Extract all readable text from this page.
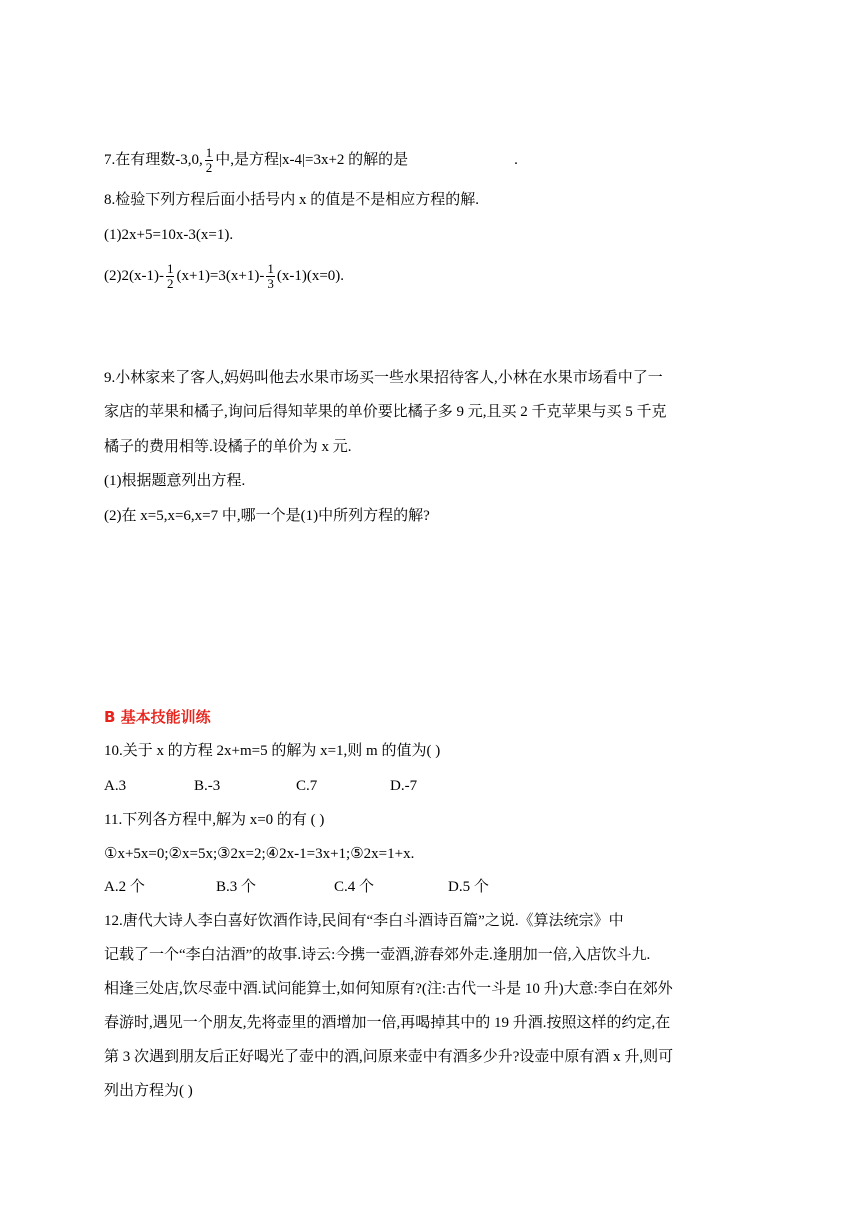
7.在有理数-3,0, $\frac{1}{2}$ 中,是方程|x-4|=3x+2 的解的是	.
8.检验下列方程后面小括号内 x 的值是不是相应方程的解.
(1)2x+5=10x-3(x=1).
$(2)2(x-1)- \frac{1}{2} (x+1)=3(x+1)- \frac{1}{3} (x-1)(x=0)$.
9.小林家来了客人,妈妈叫他去水果市场买一些水果招待客人,小林在水果市场看中了一
家店的苹果和橘子,询问后得知苹果的单价要比橘子多 9 元,且买 2 千克苹果与买 5 千克
橘子的费用相等.设橘子的单价为 x 元.
(1)根据题意列出方程.
(2)在 x=5,x=6,x=7 中,哪一个是(1)中所列方程的解?
B 基本技能训练
10.关于 x 的方程 2x+m=5 的解为 x=1,则 m 的值为( )
A.3	B.-3	C.7	D.-7
11.下列各方程中,解为 x=0 的有 ( )
①x+5x=0;②x=5x;③2x=2;④2x-1=3x+1;⑤2x=1+x.
A.2 个	B.3 个	C.4 个	D.5 个
12.唐代大诗人李白喜好饮酒作诗,民间有“李白斗酒诗百篇”之说.《算法统宗》中
记载了一个“李白沽酒”的故事.诗云:今携一壶酒,游春郊外走.逢朋加一倍,入店饮斗九.
相逢三处店,饮尽壶中酒.试问能算士,如何知原有?(注:古代一斗是 10 升)大意:李白在郊外
春游时,遇见一个朋友,先将壶里的酒增加一倍,再喝掉其中的 19 升酒.按照这样的约定,在
第 3 次遇到朋友后正好喝光了壶中的酒,问原来壶中有酒多少升?设壶中原有酒 x 升,则可
列出方程为( )
